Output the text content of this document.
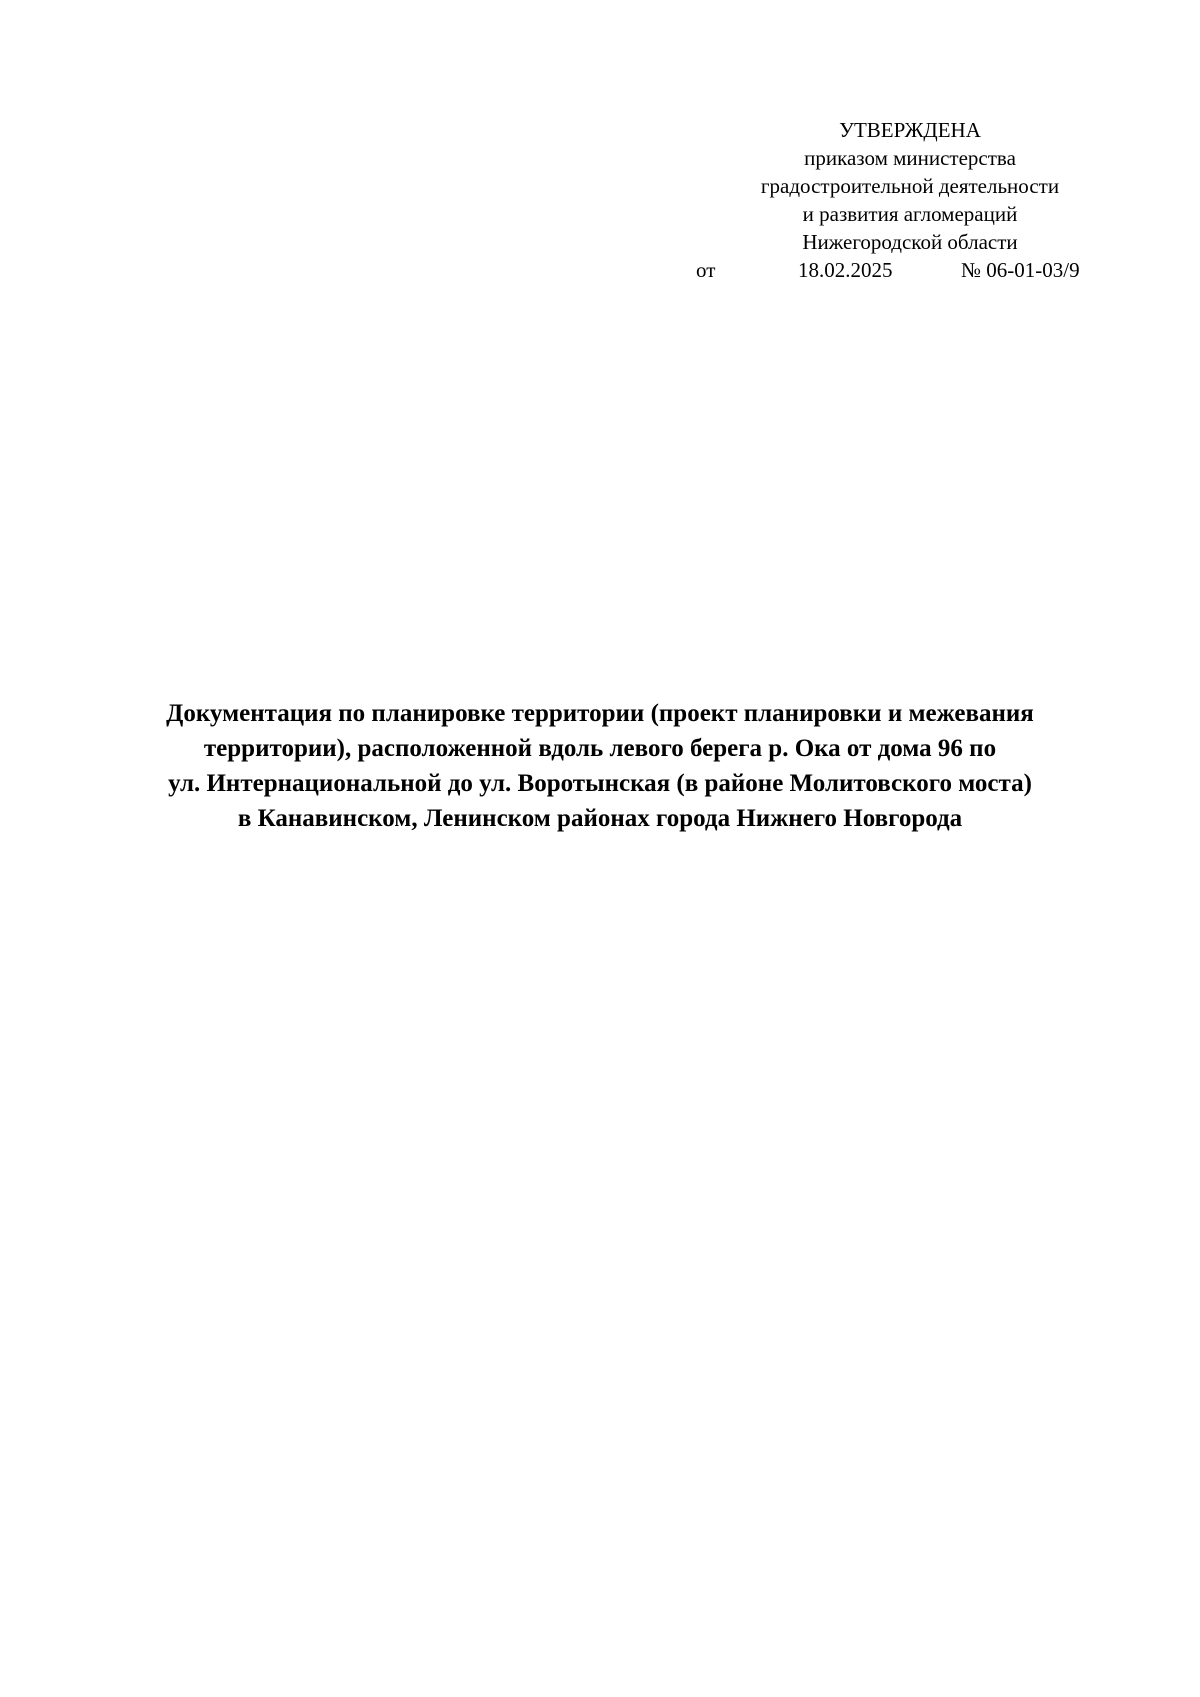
УТВЕРЖДЕНА
приказом министерства
градостроительной деятельности
и развития агломераций
Нижегородской области
от	18.02.2025	№ 06-01-03/9
Документация по планировке территории (проект планировки и межевания
территории), расположенной вдоль левого берега р. Ока от дома 96 по
ул. Интернациональной до ул. Воротынская (в районе Молитовского моста)
в Канавинском, Ленинском районах города Нижнего Новгорода
